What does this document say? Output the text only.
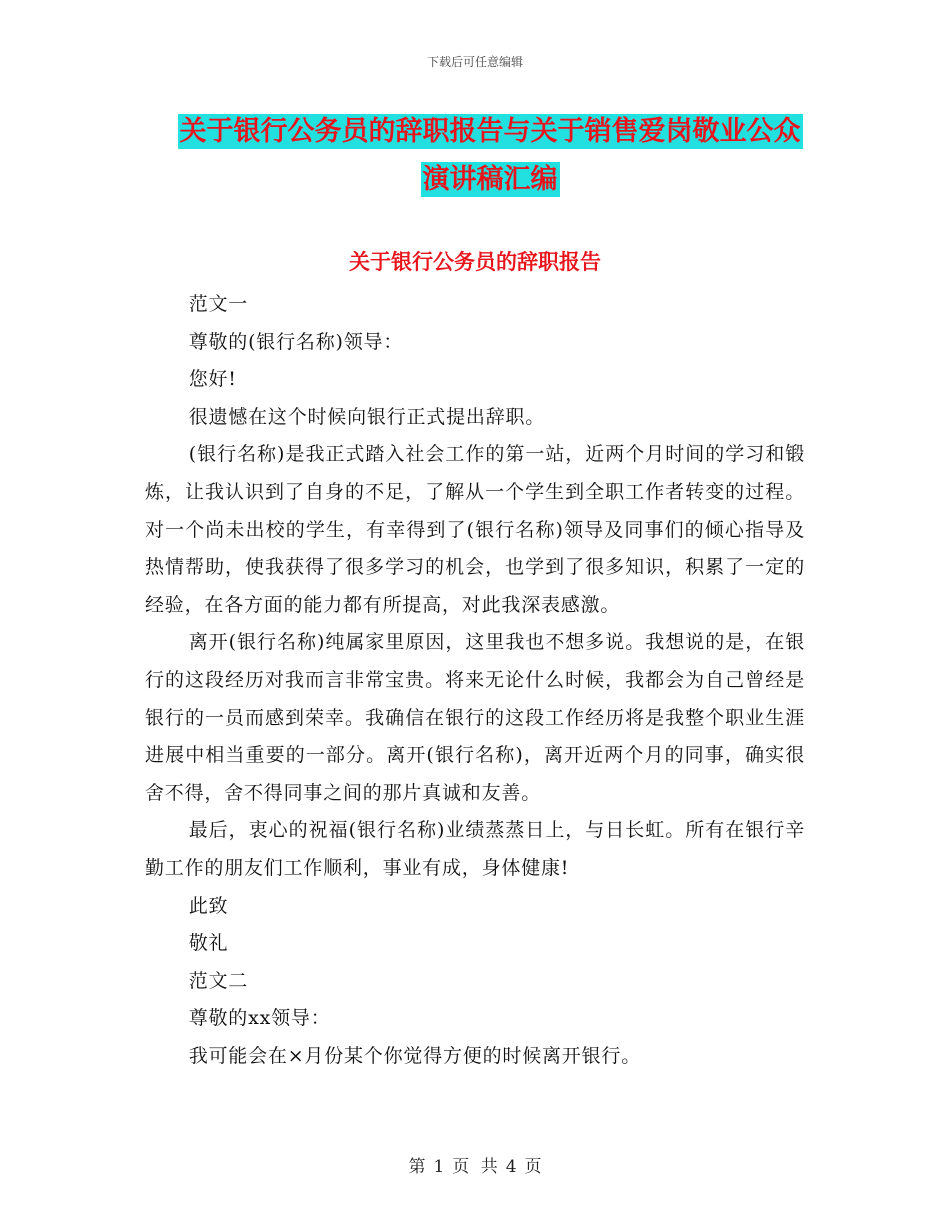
下载后可任意编辑
关于银行公务员的辞职报告与关于销售爱岗敬业公众
演讲稿汇编
关于银行公务员的辞职报告

范文一

尊敬的(银行名称)领导：

您好!

很遗憾在这个时候向银行正式提出辞职。

(银行名称)是我正式踏入社会工作的第一站，近两个月时间的学习和锻炼，让我认识到了自身的不足，了解从一个学生到全职工作者转变的过程。对一个尚未出校的学生，有幸得到了(银行名称)领导及同事们的倾心指导及热情帮助，使我获得了很多学习的机会，也学到了很多知识，积累了一定的经验，在各方面的能力都有所提高，对此我深表感激。

离开(银行名称)纯属家里原因，这里我也不想多说。我想说的是，在银行的这段经历对我而言非常宝贵。将来无论什么时候，我都会为自己曾经是银行的一员而感到荣幸。我确信在银行的这段工作经历将是我整个职业生涯进展中相当重要的一部分。离开(银行名称)，离开近两个月的同事，确实很舍不得，舍不得同事之间的那片真诚和友善。

最后，衷心的祝福(银行名称)业绩蒸蒸日上，与日长虹。所有在银行辛勤工作的朋友们工作顺利，事业有成，身体健康!

此致

敬礼

范文二

尊敬的xx领导：

我可能会在×月份某个你觉得方便的时候离开银行。

第 1 页 共 4 页
